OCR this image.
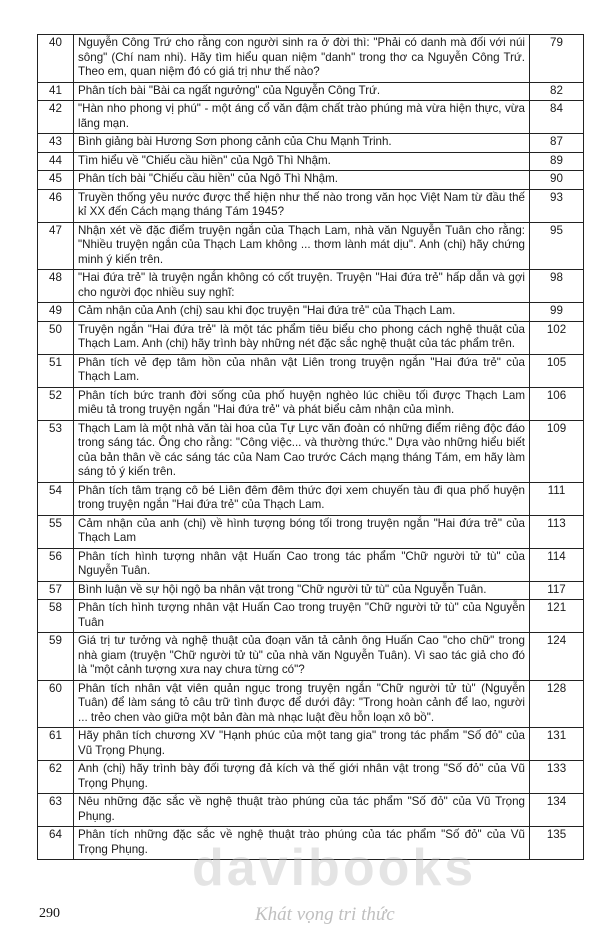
40	Nguyễn Công Trứ cho rằng con người sinh ra ở đời thì: "Phải có danh mà đối với núi sông" (Chí nam nhi). Hãy tìm hiểu quan niệm "danh" trong thơ ca Nguyễn Công Trứ. Theo em, quan niệm đó có giá trị như thế nào?	79
41	Phân tích bài "Bài ca ngất ngưởng" của Nguyễn Công Trứ.	82
42	"Hàn nho phong vị phú" - một áng cổ văn đậm chất trào phúng mà vừa hiện thực, vừa lãng mạn.	84
43	Bình giảng bài Hương Sơn phong cảnh của Chu Mạnh Trinh.	87
44	Tìm hiểu về "Chiếu cầu hiền" của Ngô Thì Nhậm.	89
45	Phân tích bài "Chiếu cầu hiền" của Ngô Thì Nhậm.	90
46	Truyền thống yêu nước được thể hiện như thế nào trong văn học Việt Nam từ đầu thế kỉ XX đến Cách mạng tháng Tám 1945?	93
47	Nhận xét về đặc điểm truyện ngắn của Thạch Lam, nhà văn Nguyễn Tuân cho rằng: "Nhiều truyện ngắn của Thạch Lam không ... thơm lành mát dịu". Anh (chị) hãy chứng minh ý kiến trên.	95
48	"Hai đứa trẻ" là truyện ngắn không có cốt truyện. Truyện "Hai đứa trẻ" hấp dẫn và gợi cho người đọc nhiều suy nghĩ:	98
49	Cảm nhận của Anh (chị) sau khi đọc truyện "Hai đứa trẻ" của Thạch Lam.	99
50	Truyện ngắn "Hai đứa trẻ" là một tác phẩm tiêu biểu cho phong cách nghệ thuật của Thạch Lam. Anh (chị) hãy trình bày những nét đặc sắc nghệ thuật của tác phẩm trên.	102
51	Phân tích vẻ đẹp tâm hồn của nhân vật Liên trong truyện ngắn "Hai đứa trẻ" của Thạch Lam.	105
52	Phân tích bức tranh đời sống của phố huyện nghèo lúc chiều tối được Thạch Lam miêu tả trong truyện ngắn "Hai đứa trẻ" và phát biểu cảm nhận của mình.	106
53	Thạch Lam là một nhà văn tài hoa của Tự Lực văn đoàn có những điểm riêng độc đáo trong sáng tác. Ông cho rằng: "Công việc... và thường thức." Dựa vào những hiểu biết của bản thân về các sáng tác của Nam Cao trước Cách mạng tháng Tám, em hãy làm sáng tỏ ý kiến trên.	109
54	Phân tích tâm trạng cô bé Liên đêm đêm thức đợi xem chuyến tàu đi qua phố huyện trong truyện ngắn "Hai đứa trẻ" của Thạch Lam.	111
55	Cảm nhận của anh (chị) về hình tượng bóng tối trong truyện ngắn "Hai đứa trẻ" của Thạch Lam	113
56	Phân tích hình tượng nhân vật Huấn Cao trong tác phẩm "Chữ người tử tù" của Nguyễn Tuân.	114
57	Bình luận về sự hội ngộ ba nhân vật trong "Chữ người tử tù" của Nguyễn Tuân.	117
58	Phân tích hình tượng nhân vật Huấn Cao trong truyện "Chữ người tử tù" của Nguyễn Tuân	121
59	Giá trị tư tưởng và nghệ thuật của đoạn văn tả cảnh ông Huấn Cao "cho chữ" trong nhà giam (truyện "Chữ người tử tù" của nhà văn Nguyễn Tuân). Vì sao tác giả cho đó là "một cảnh tượng xưa nay chưa từng có"?	124
60	Phân tích nhân vật viên quản ngục trong truyện ngắn "Chữ người tử tù" (Nguyễn Tuân) để làm sáng tỏ câu trữ tình được để dưới đây: "Trong hoàn cảnh để lao, người ... trẻo chen vào giữa một bản đàn mà nhạc luật đều hỗn loạn xô bồ".	128
61	Hãy phân tích chương XV "Hạnh phúc của một tang gia" trong tác phẩm "Số đỏ" của Vũ Trọng Phụng.	131
62	Anh (chị) hãy trình bày đối tượng đả kích và thế giới nhân vật trong "Số đỏ" của Vũ Trọng Phụng.	133
63	Nêu những đặc sắc về nghệ thuật trào phúng của tác phẩm "Số đỏ" của Vũ Trọng Phụng.	134
64	Phân tích những đặc sắc về nghệ thuật trào phúng của tác phẩm "Số đỏ" của Vũ Trọng Phụng.	135
davibooks
Khát vọng tri thức
290
